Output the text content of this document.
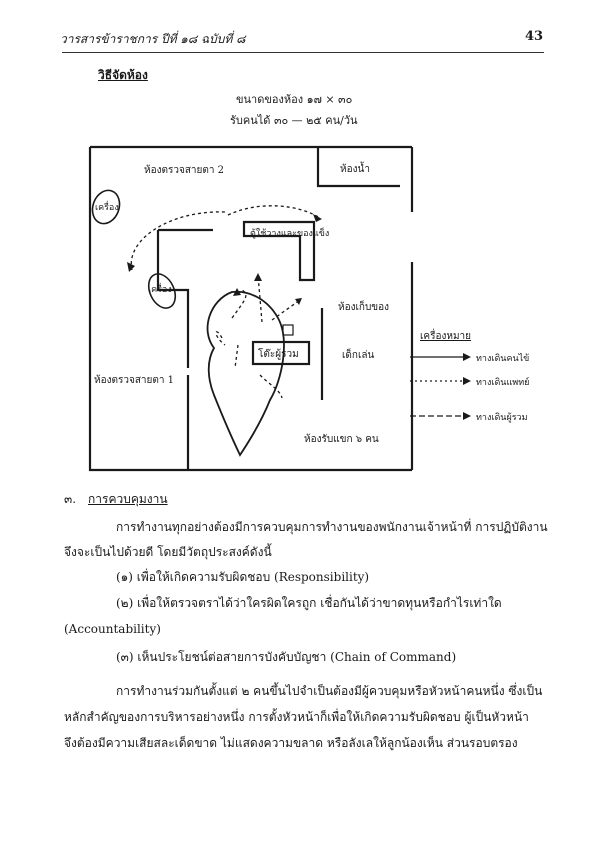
วารสารข้าราชการ ปีที่ ๑๘ ฉบับที่ ๘	43
วิธีจัดห้อง
ขนาดของห้อง ๑๗ × ๓๐
รับคนได้ ๓๐ — ๒๕ คน/วัน
ห้องตรวจสายตา 2	ห้องน้ำ
เครื่อง
ตู้ใช้วางและของแข็ง
เครื่อง
ห้องเก็บของ
โต๊ะผู้รวม	เด็กเล่น
ห้องตรวจสายตา 1
ห้องรับแขก ๖ คน
เครื่องหมาย
ทางเดินคนไข้
ทางเดินแพทย์
ทางเดินผู้รวม
๓. การควบคุมงาน
การทำงานทุกอย่างต้องมีการควบคุมการทำงานของพนักงานเจ้าหน้าที่ การปฏิบัติงาน
จึงจะเป็นไปด้วยดี โดยมีวัตถุประสงค์ดังนี้
(๑) เพื่อให้เกิดความรับผิดชอบ (Responsibility)
(๒) เพื่อให้ตรวจตราได้ว่าใครผิดใครถูก เชื่อกันได้ว่าขาดทุนหรือกำไรเท่าใด
(Accountability)
(๓) เห็นประโยชน์ต่อสายการบังคับบัญชา (Chain of Command)
การทำงานร่วมกันตั้งแต่ ๒ คนขึ้นไปจำเป็นต้องมีผู้ควบคุมหรือหัวหน้าคนหนึ่ง ซึ่งเป็น
หลักสำคัญของการบริหารอย่างหนึ่ง การตั้งหัวหน้าก็เพื่อให้เกิดความรับผิดชอบ ผู้เป็นหัวหน้า
จึงต้องมีความเสียสละเด็ดขาด ไม่แสดงความขลาด หรือลังเลให้ลูกน้องเห็น ส่วนรอบตรอง
